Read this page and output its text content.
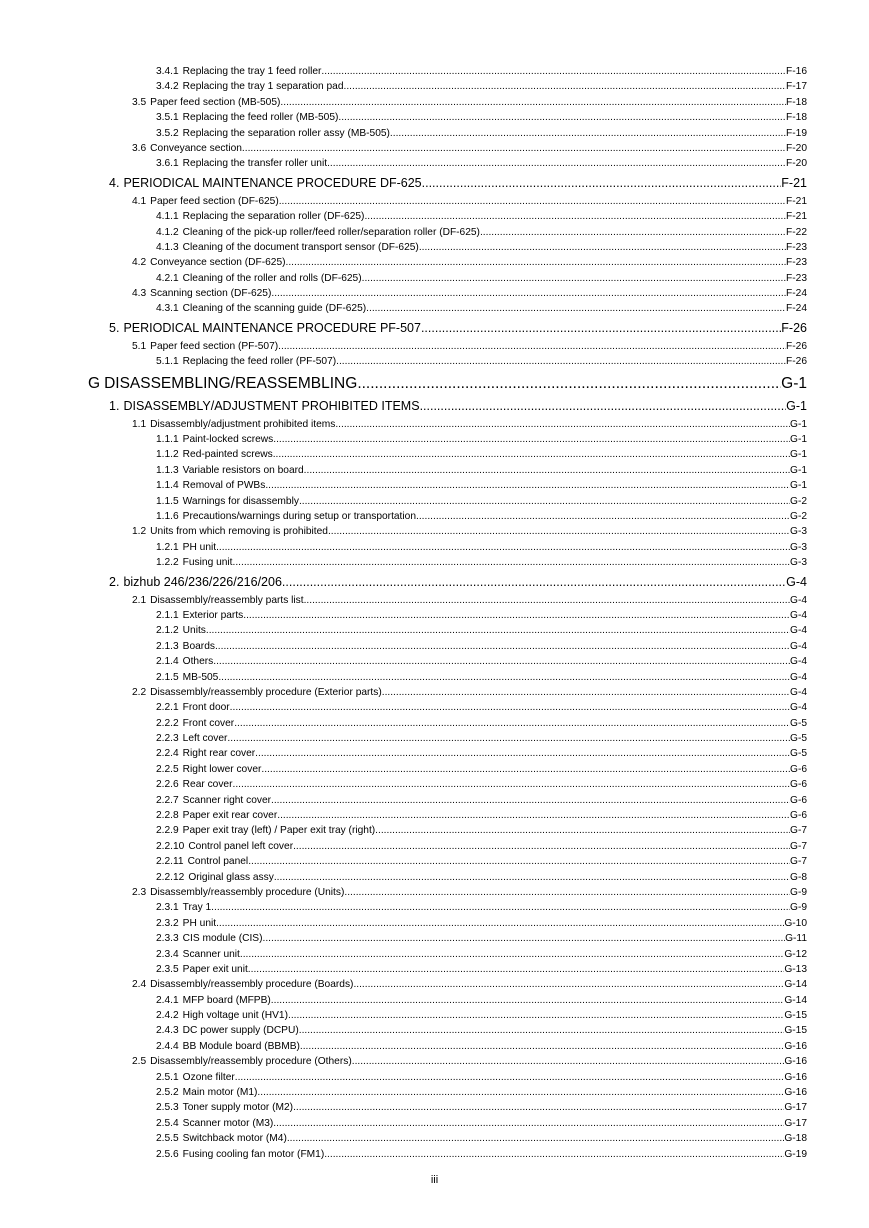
3.4.1 Replacing the tray 1 feed roller .....	F-16
3.4.2 Replacing the tray 1 separation pad .....	F-17
3.5 Paper feed section (MB-505) .....	F-18
3.5.1 Replacing the feed roller (MB-505) .....	F-18
3.5.2 Replacing the separation roller assy (MB-505) .....	F-19
3.6 Conveyance section .....	F-20
3.6.1 Replacing the transfer roller unit .....	F-20
4. PERIODICAL MAINTENANCE PROCEDURE DF-625 .....	F-21
4.1 Paper feed section (DF-625) .....	F-21
4.1.1 Replacing the separation roller (DF-625) .....	F-21
4.1.2 Cleaning of the pick-up roller/feed roller/separation roller (DF-625) .....	F-22
4.1.3 Cleaning of the document transport sensor (DF-625) .....	F-23
4.2 Conveyance section (DF-625) .....	F-23
4.2.1 Cleaning of the roller and rolls (DF-625) .....	F-23
4.3 Scanning section (DF-625) .....	F-24
4.3.1 Cleaning of the scanning guide (DF-625) .....	F-24
5. PERIODICAL MAINTENANCE PROCEDURE PF-507 .....	F-26
5.1 Paper feed section (PF-507) .....	F-26
5.1.1 Replacing the feed roller (PF-507) .....	F-26
G DISASSEMBLING/REASSEMBLING .....	G-1
1. DISASSEMBLY/ADJUSTMENT PROHIBITED ITEMS .....	G-1
1.1 Disassembly/adjustment prohibited items .....	G-1
1.1.1 Paint-locked screws .....	G-1
1.1.2 Red-painted screws .....	G-1
1.1.3 Variable resistors on board .....	G-1
1.1.4 Removal of PWBs .....	G-1
1.1.5 Warnings for disassembly .....	G-2
1.1.6 Precautions/warnings during setup or transportation .....	G-2
1.2 Units from which removing is prohibited .....	G-3
1.2.1 PH unit .....	G-3
1.2.2 Fusing unit .....	G-3
2. bizhub 246/236/226/216/206 .....	G-4
2.1 Disassembly/reassembly parts list .....	G-4
2.1.1 Exterior parts .....	G-4
2.1.2 Units .....	G-4
2.1.3 Boards .....	G-4
2.1.4 Others .....	G-4
2.1.5 MB-505 .....	G-4
2.2 Disassembly/reassembly procedure (Exterior parts) .....	G-4
2.2.1 Front door .....	G-4
2.2.2 Front cover .....	G-5
2.2.3 Left cover .....	G-5
2.2.4 Right rear cover .....	G-5
2.2.5 Right lower cover .....	G-6
2.2.6 Rear cover .....	G-6
2.2.7 Scanner right cover .....	G-6
2.2.8 Paper exit rear cover .....	G-6
2.2.9 Paper exit tray (left) / Paper exit tray (right) .....	G-7
2.2.10 Control panel left cover .....	G-7
2.2.11 Control panel .....	G-7
2.2.12 Original glass assy .....	G-8
2.3 Disassembly/reassembly procedure (Units) .....	G-9
2.3.1 Tray 1 .....	G-9
2.3.2 PH unit .....	G-10
2.3.3 CIS module (CIS) .....	G-11
2.3.4 Scanner unit .....	G-12
2.3.5 Paper exit unit .....	G-13
2.4 Disassembly/reassembly procedure (Boards) .....	G-14
2.4.1 MFP board (MFPB) .....	G-14
2.4.2 High voltage unit (HV1) .....	G-15
2.4.3 DC power supply (DCPU) .....	G-15
2.4.4 BB Module board (BBMB) .....	G-16
2.5 Disassembly/reassembly procedure (Others) .....	G-16
2.5.1 Ozone filter .....	G-16
2.5.2 Main motor (M1) .....	G-16
2.5.3 Toner supply motor (M2) .....	G-17
2.5.4 Scanner motor (M3) .....	G-17
2.5.5 Switchback motor (M4) .....	G-18
2.5.6 Fusing cooling fan motor (FM1) .....	G-19
iii
